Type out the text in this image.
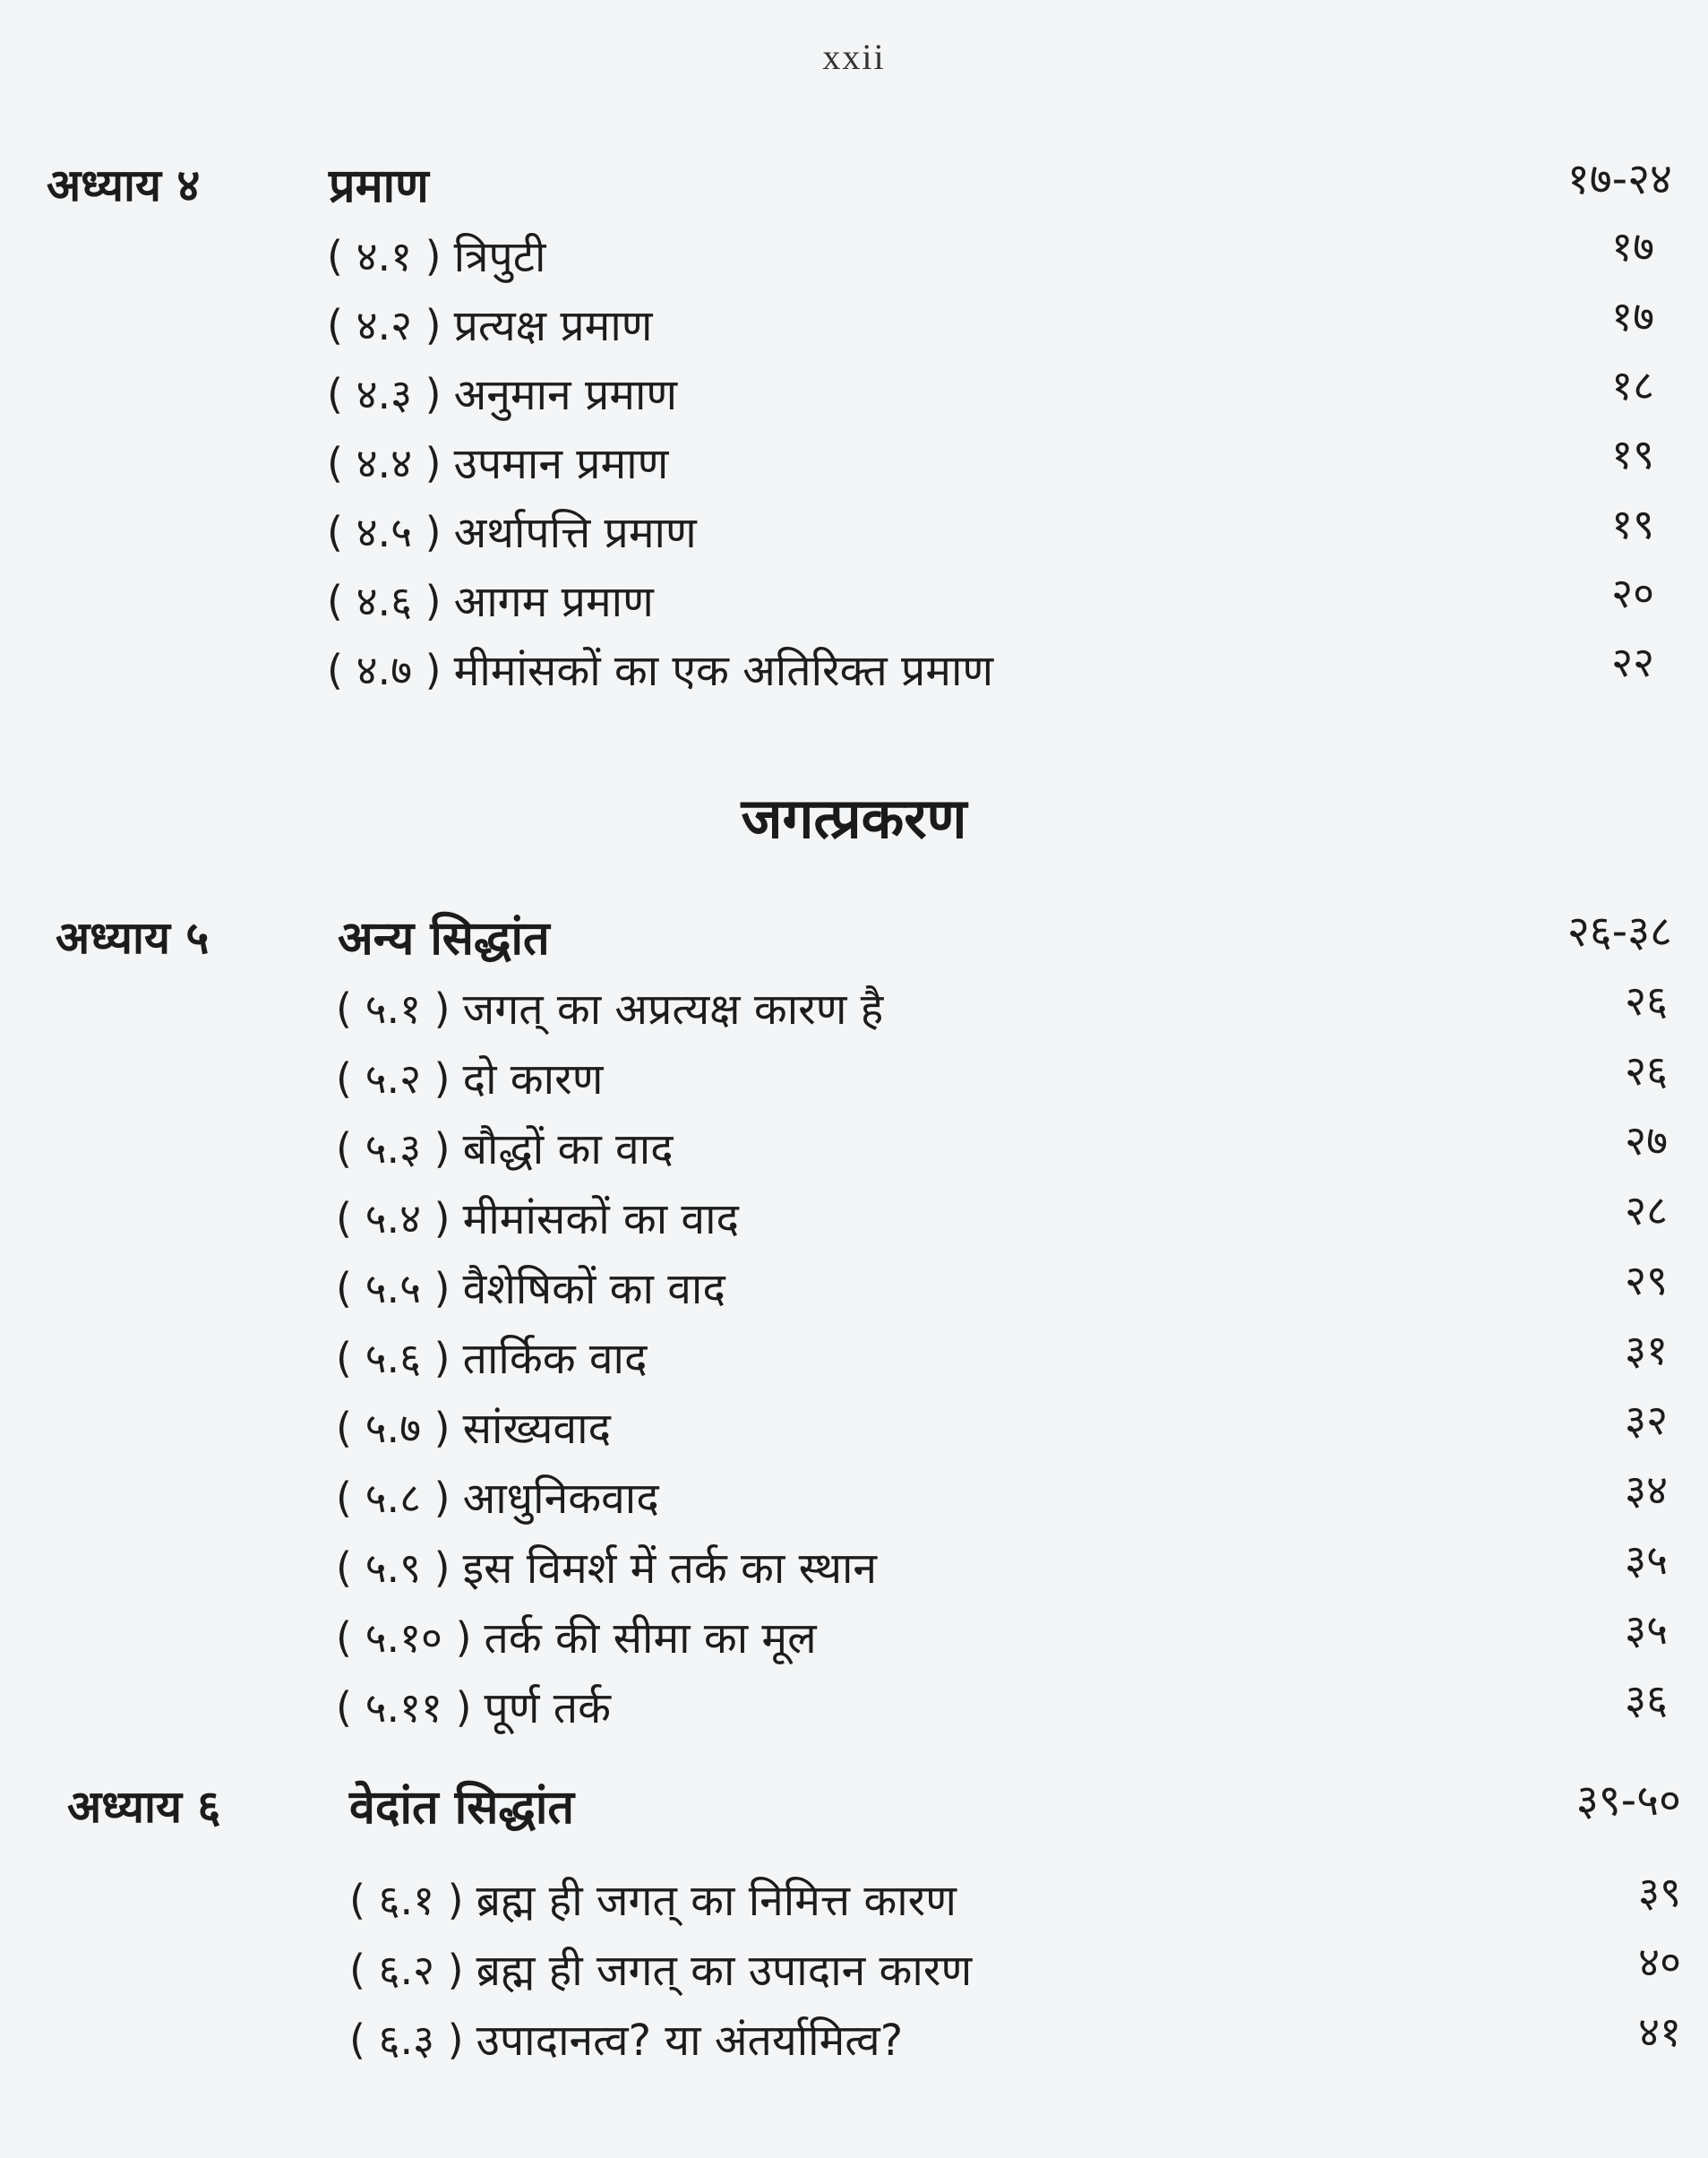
xxii
अध्याय ४	प्रमाण	१७-२४
( ४.१ ) त्रिपुटी	१७
( ४.२ ) प्रत्यक्ष प्रमाण	१७
( ४.३ ) अनुमान प्रमाण	१८
( ४.४ ) उपमान प्रमाण	१९
( ४.५ ) अर्थापत्ति प्रमाण	१९
( ४.६ ) आगम प्रमाण	२०
( ४.७ ) मीमांसकों का एक अतिरिक्त प्रमाण	२२
जगत्प्रकरण
अध्याय ५	अन्य सिद्धांत	२६-३८
( ५.१ ) जगत् का अप्रत्यक्ष कारण है	२६
( ५.२ ) दो कारण	२६
( ५.३ ) बौद्धों का वाद	२७
( ५.४ ) मीमांसकों का वाद	२८
( ५.५ ) वैशेषिकों का वाद	२९
( ५.६ ) तार्किक वाद	३१
( ५.७ ) सांख्यवाद	३२
( ५.८ ) आधुनिकवाद	३४
( ५.९ ) इस विमर्श में तर्क का स्थान	३५
( ५.१० ) तर्क की सीमा का मूल	३५
( ५.११ ) पूर्ण तर्क	३६
अध्याय ६	वेदांत सिद्धांत	३९-५०
( ६.१ ) ब्रह्म ही जगत् का निमित्त कारण	३९
( ६.२ ) ब्रह्म ही जगत् का उपादान कारण	४०
( ६.३ ) उपादानत्व? या अंतर्यामित्व?	४१
